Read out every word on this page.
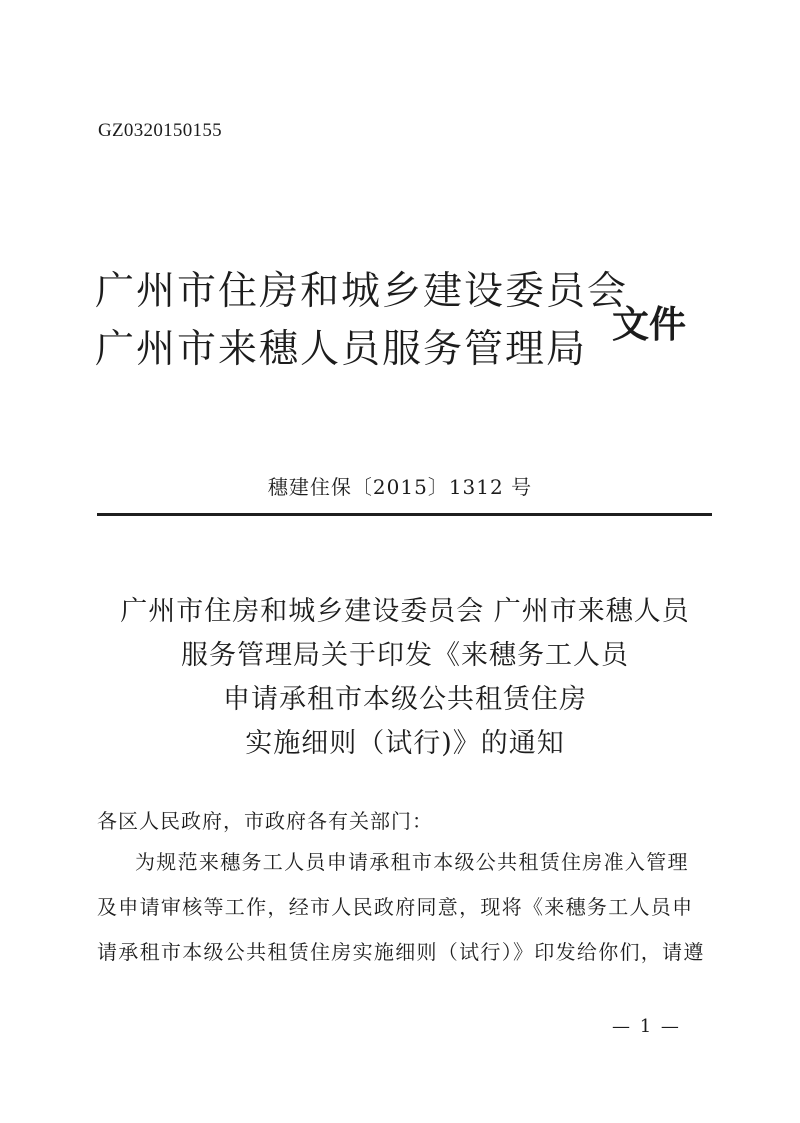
GZ0320150155
广州市住房和城乡建设委员会
广州市来穗人员服务管理局
文件
穗建住保〔2015〕1312 号
广州市住房和城乡建设委员会 广州市来穗人员
服务管理局关于印发《来穗务工人员
申请承租市本级公共租赁住房
实施细则（试行)》的通知
各区人民政府，市政府各有关部门：
为规范来穗务工人员申请承租市本级公共租赁住房准入管理
及申请审核等工作，经市人民政府同意，现将《来穗务工人员申
请承租市本级公共租赁住房实施细则（试行）》印发给你们，请遵
— 1 —
